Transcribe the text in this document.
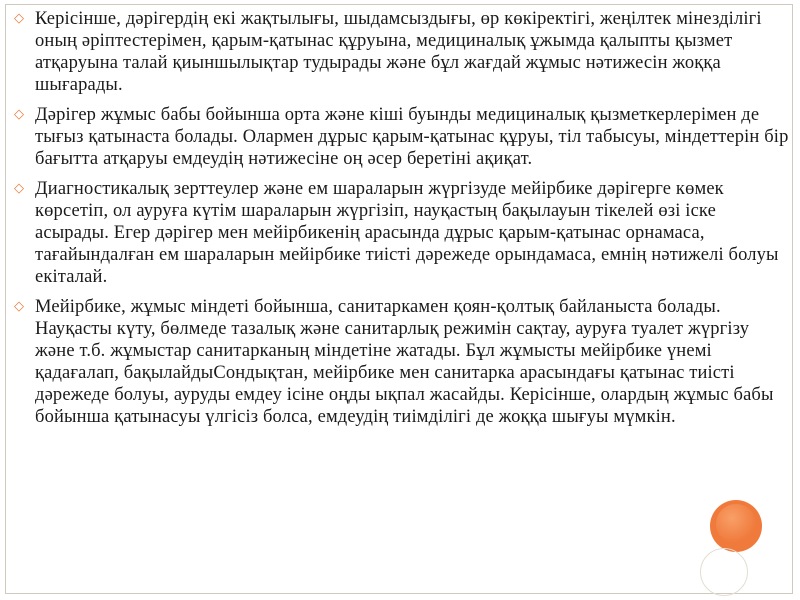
◇ Керісінше, дәрігердің екі жақтылығы, шыдамсыздығы, өр көкіректігі, жеңілтек мінезділігі оның әріптестерімен, қарым-қатынас құруына, медициналық ұжымда қалыпты қызмет атқаруына талай қиыншылықтар тудырады және бұл жағдай жұмыс нәтижесін жоққа шығарады.
◇ Дәрігер жұмыс бабы бойынша орта және кіші буынды медициналық қызметкерлерімен де тығыз қатынаста болады. Олармен дұрыс қарым-қатынас құруы, тіл табысуы, міндеттерін бір бағытта атқаруы емдеудің нәтижесіне оң әсер беретіні ақиқат.
◇ Диагностикалық зерттеулер және ем шараларын жүргізуде мейірбике дәрігерге көмек көрсетіп, ол ауруға күтім шараларын жүргізіп, науқастың бақылауын тікелей өзі іске асырады. Егер дәрігер мен мейірбикенің арасында дұрыс қарым-қатынас орнамаса, тағайындалған ем шараларын мейірбике тиісті дәрежеде орындамаса, емнің нәтижелі болуы екіталай.
◇ Мейірбике, жұмыс міндеті бойынша, санитаркамен қоян-қолтық байланыста болады. Науқасты күту, бөлмеде тазалық және санитарлық режимін сақтау, ауруға туалет жүргізу және т.б. жұмыстар санитарканың міндетіне жатады. Бұл жұмысты мейірбике үнемі қадағалап, бақылайдыСондықтан, мейірбике мен санитарка арасындағы қатынас тиісті дәрежеде болуы, ауруды емдеу ісіне оңды ықпал жасайды. Керісінше, олардың жұмыс бабы бойынша қатынасуы үлгісіз болса, емдеудің тиімділігі де жоққа шығуы мүмкін.
